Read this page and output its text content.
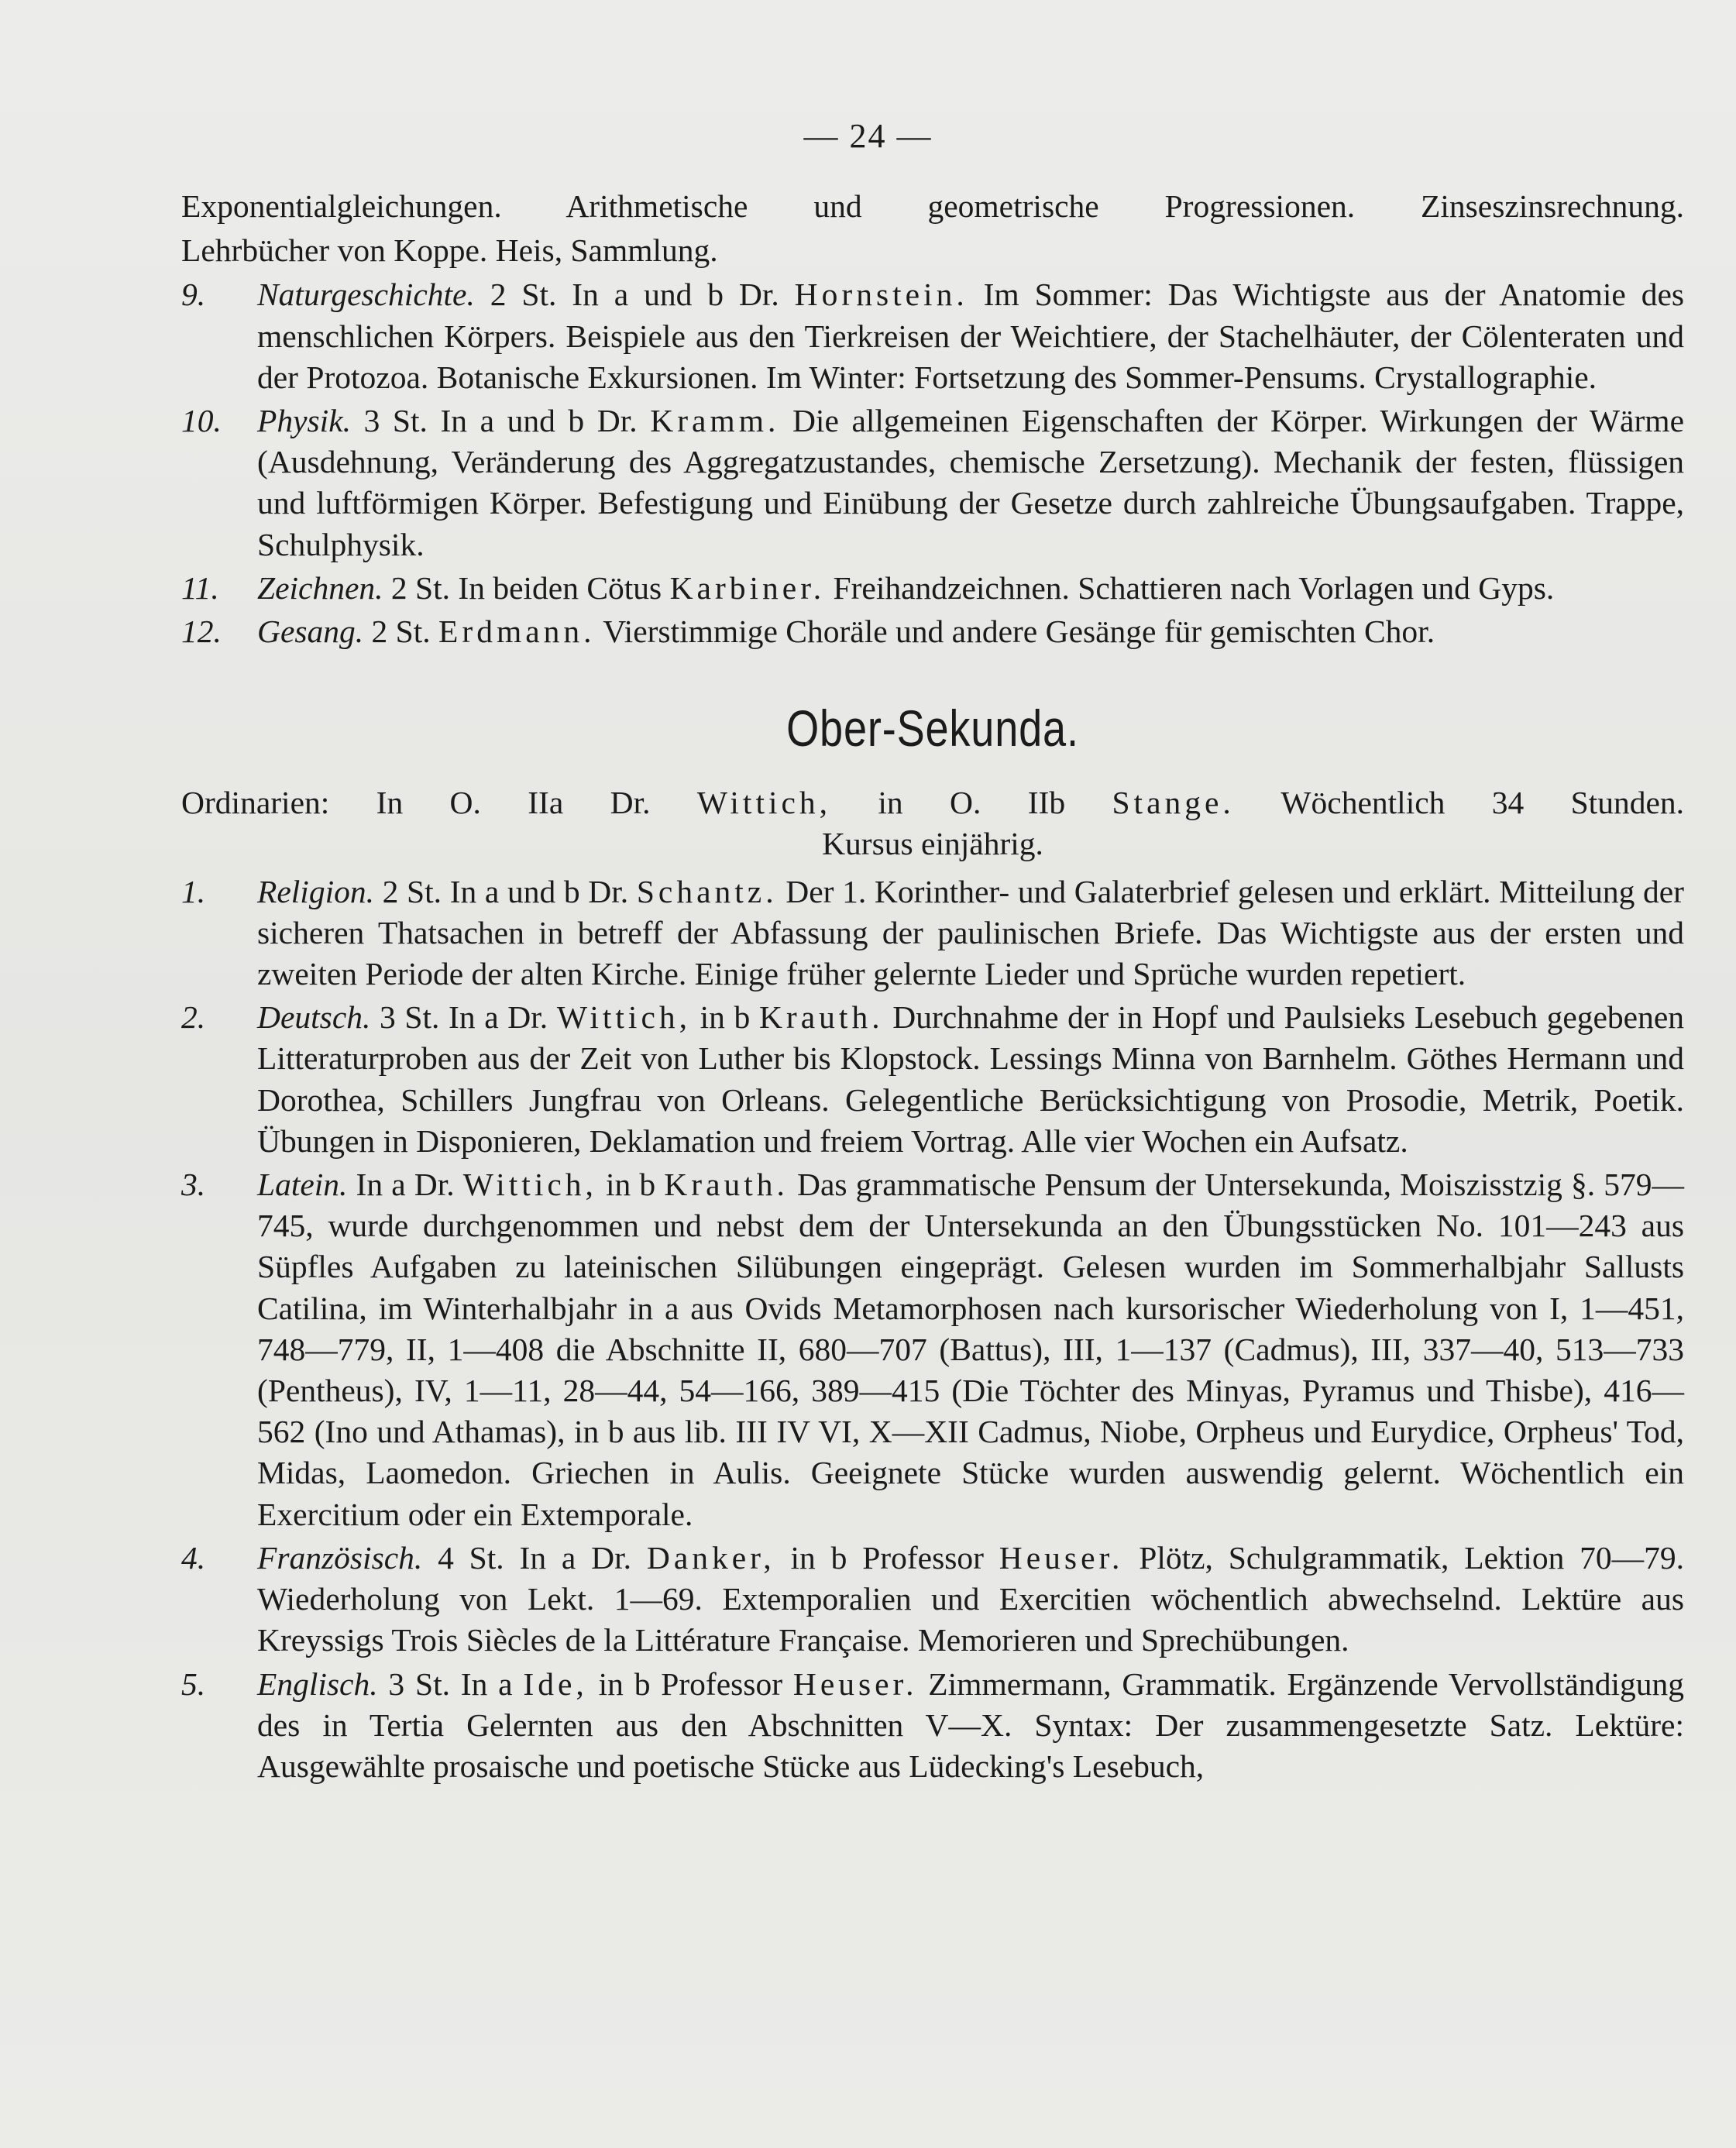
— 24 —

Exponentialgleichungen. Arithmetische und geometrische Progressionen. Zinseszinsrechnung.

Lehrbücher von Koppe. Heis, Sammlung.

9. Naturgeschichte. 2 St. In a und b Dr. Hornstein. Im Sommer: Das Wichtigste aus der Anatomie des menschlichen Körpers. Beispiele aus den Tierkreisen der Weichtiere, der Stachelhäuter, der Cölenteraten und der Protozoa. Botanische Exkursionen. Im Winter: Fortsetzung des Sommer-Pensums. Crystallographie.
10. Physik. 3 St. In a und b Dr. Kramm. Die allgemeinen Eigenschaften der Körper. Wirkungen der Wärme (Ausdehnung, Veränderung des Aggregatzustandes, chemische Zersetzung). Mechanik der festen, flüssigen und luftförmigen Körper. Befestigung und Einübung der Gesetze durch zahlreiche Übungsaufgaben. Trappe, Schulphysik.
11. Zeichnen. 2 St. In beiden Cötus Karbiner. Freihandzeichnen. Schattieren nach Vorlagen und Gyps.
12. Gesang. 2 St. Erdmann. Vierstimmige Choräle und andere Gesänge für gemischten Chor.
Ober-Sekunda.

Ordinarien: In O. IIa Dr. Wittich, in O. IIb Stange. Wöchentlich 34 Stunden.

Kursus einjährig.

1. Religion. 2 St. In a und b Dr. Schantz. Der 1. Korinther- und Galaterbrief gelesen und erklärt. Mitteilung der sicheren Thatsachen in betreff der Abfassung der paulinischen Briefe. Das Wichtigste aus der ersten und zweiten Periode der alten Kirche. Einige früher gelernte Lieder und Sprüche wurden repetiert.
2. Deutsch. 3 St. In a Dr. Wittich, in b Krauth. Durchnahme der in Hopf und Paulsieks Lesebuch gegebenen Litteraturproben aus der Zeit von Luther bis Klopstock. Lessings Minna von Barnhelm. Göthes Hermann und Dorothea, Schillers Jungfrau von Orleans. Gelegentliche Berücksichtigung von Prosodie, Metrik, Poetik. Übungen in Disponieren, Deklamation und freiem Vortrag. Alle vier Wochen ein Aufsatz.
3. Latein. In a Dr. Wittich, in b Krauth. Das grammatische Pensum der Untersekunda, Moiszisstzig §. 579—745, wurde durchgenommen und nebst dem der Untersekunda an den Übungsstücken No. 101—243 aus Süpfles Aufgaben zu lateinischen Silübungen eingeprägt. Gelesen wurden im Sommerhalbjahr Sallusts Catilina, im Winterhalbjahr in a aus Ovids Metamorphosen nach kursorischer Wiederholung von I, 1—451, 748—779, II, 1—408 die Abschnitte II, 680—707 (Battus), III, 1—137 (Cadmus), III, 337—40, 513—733 (Pentheus), IV, 1—11, 28—44, 54—166, 389—415 (Die Töchter des Minyas, Pyramus und Thisbe), 416—562 (Ino und Athamas), in b aus lib. III IV VI, X—XII Cadmus, Niobe, Orpheus und Eurydice, Orpheus' Tod, Midas, Laomedon. Griechen in Aulis. Geeignete Stücke wurden auswendig gelernt. Wöchentlich ein Exercitium oder ein Extemporale.
4. Französisch. 4 St. In a Dr. Danker, in b Professor Heuser. Plötz, Schulgrammatik, Lektion 70—79. Wiederholung von Lekt. 1—69. Extemporalien und Exercitien wöchentlich abwechselnd. Lektüre aus Kreyssigs Trois Siècles de la Littérature Française. Memorieren und Sprechübungen.
5. Englisch. 3 St. In a Ide, in b Professor Heuser. Zimmermann, Grammatik. Ergänzende Vervollständigung des in Tertia Gelernten aus den Abschnitten V—X. Syntax: Der zusammengesetzte Satz. Lektüre: Ausgewählte prosaische und poetische Stücke aus Lüdecking's Lesebuch,
